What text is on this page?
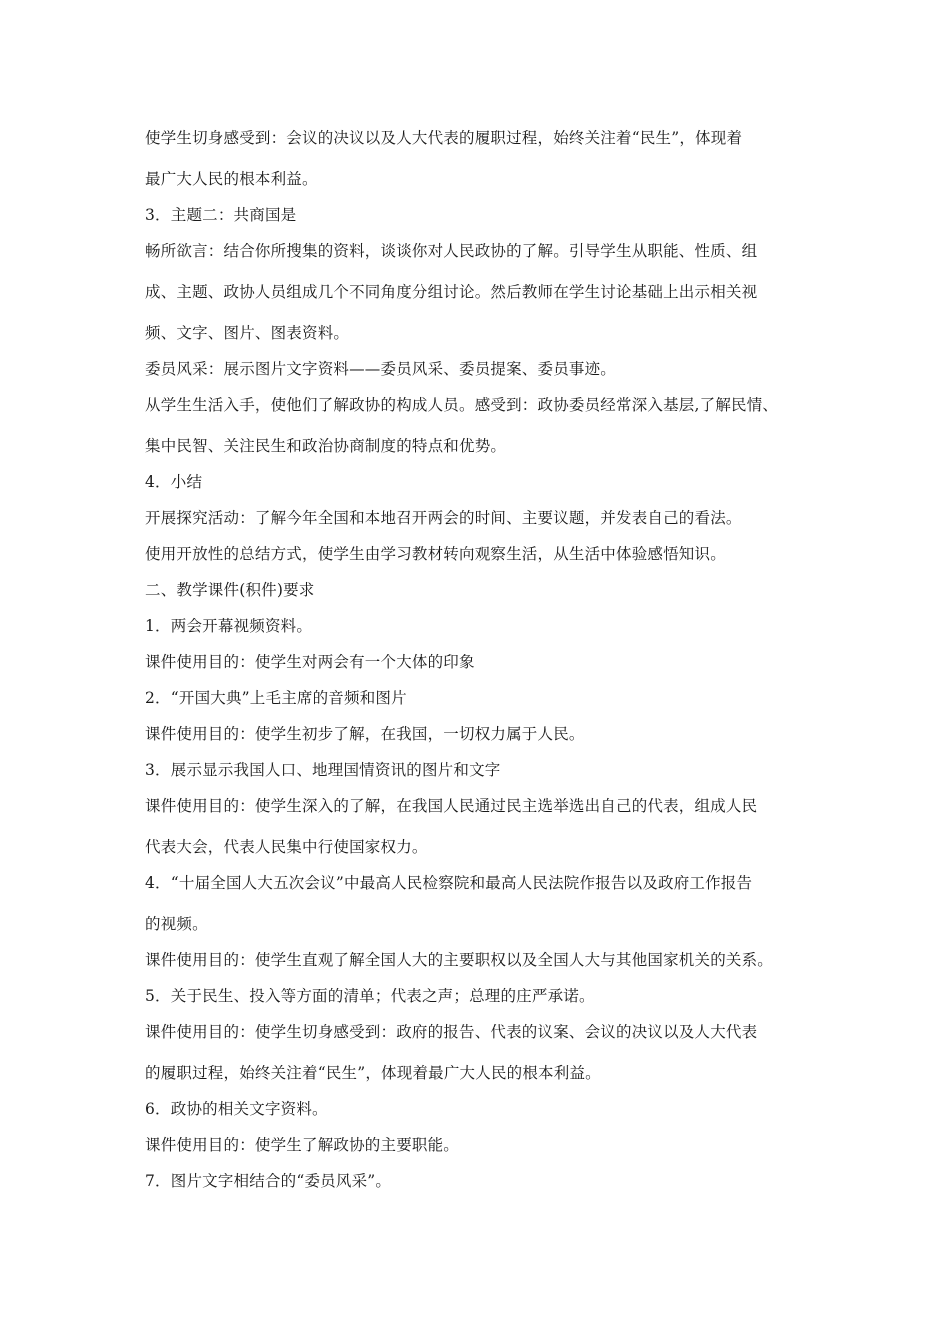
使学生切身感受到：会议的决议以及人大代表的履职过程，始终关注着“民生”，体现着
最广大人民的根本利益。
3．主题二：共商国是
畅所欲言：结合你所搜集的资料，谈谈你对人民政协的了解。引导学生从职能、性质、组
成、主题、政协人员组成几个不同角度分组讨论。然后教师在学生讨论基础上出示相关视
频、文字、图片、图表资料。
委员风采：展示图片文字资料——委员风采、委员提案、委员事迹。
从学生生活入手，使他们了解政协的构成人员。感受到：政协委员经常深入基层,了解民情、
集中民智、关注民生和政治协商制度的特点和优势。
4．小结
开展探究活动：了解今年全国和本地召开两会的时间、主要议题，并发表自己的看法。
使用开放性的总结方式，使学生由学习教材转向观察生活，从生活中体验感悟知识。
二、教学课件(积件)要求
1．两会开幕视频资料。
课件使用目的：使学生对两会有一个大体的印象
2．“开国大典”上毛主席的音频和图片
课件使用目的：使学生初步了解，在我国，一切权力属于人民。
3．展示显示我国人口、地理国情资讯的图片和文字
课件使用目的：使学生深入的了解，在我国人民通过民主选举选出自己的代表，组成人民
代表大会，代表人民集中行使国家权力。
4．“十届全国人大五次会议”中最高人民检察院和最高人民法院作报告以及政府工作报告
的视频。
课件使用目的：使学生直观了解全国人大的主要职权以及全国人大与其他国家机关的关系。
5．关于民生、投入等方面的清单；代表之声；总理的庄严承诺。
课件使用目的：使学生切身感受到：政府的报告、代表的议案、会议的决议以及人大代表
的履职过程，始终关注着“民生”，体现着最广大人民的根本利益。
6．政协的相关文字资料。
课件使用目的：使学生了解政协的主要职能。
7．图片文字相结合的“委员风采”。
